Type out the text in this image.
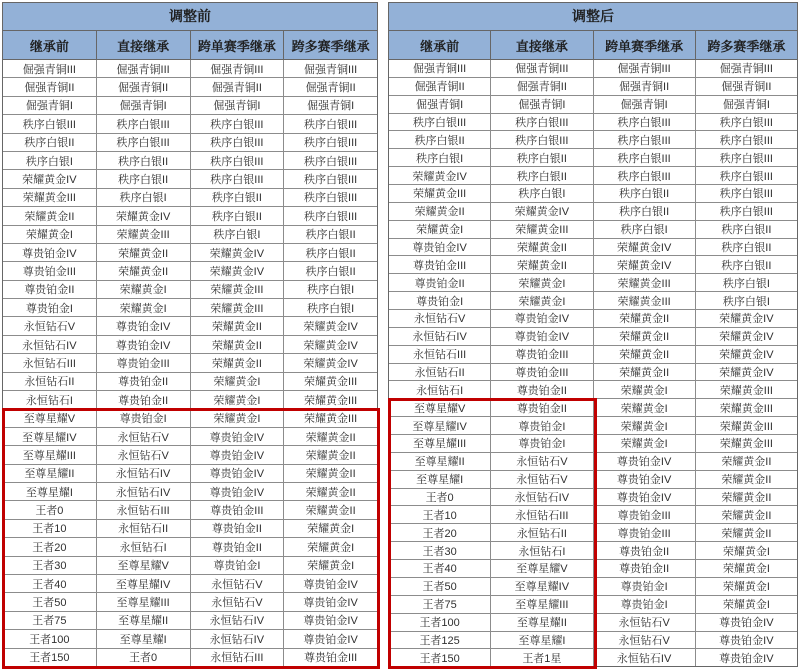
调整前
继承前	直接继承	跨单赛季继承	跨多赛季继承
倔强青铜III	倔强青铜III	倔强青铜III	倔强青铜III
倔强青铜II	倔强青铜II	倔强青铜II	倔强青铜II
倔强青铜I	倔强青铜I	倔强青铜I	倔强青铜I
秩序白银III	秩序白银III	秩序白银III	秩序白银III
秩序白银II	秩序白银III	秩序白银III	秩序白银III
秩序白银I	秩序白银II	秩序白银III	秩序白银III
荣耀黄金IV	秩序白银II	秩序白银III	秩序白银III
荣耀黄金III	秩序白银I	秩序白银II	秩序白银III
荣耀黄金II	荣耀黄金IV	秩序白银II	秩序白银III
荣耀黄金I	荣耀黄金III	秩序白银I	秩序白银II
尊贵铂金IV	荣耀黄金II	荣耀黄金IV	秩序白银II
尊贵铂金III	荣耀黄金II	荣耀黄金IV	秩序白银II
尊贵铂金II	荣耀黄金I	荣耀黄金III	秩序白银I
尊贵铂金I	荣耀黄金I	荣耀黄金III	秩序白银I
永恒钻石V	尊贵铂金IV	荣耀黄金II	荣耀黄金IV
永恒钻石IV	尊贵铂金IV	荣耀黄金II	荣耀黄金IV
永恒钻石III	尊贵铂金III	荣耀黄金II	荣耀黄金IV
永恒钻石II	尊贵铂金II	荣耀黄金I	荣耀黄金III
永恒钻石I	尊贵铂金II	荣耀黄金I	荣耀黄金III
至尊星耀V	尊贵铂金I	荣耀黄金I	荣耀黄金III
至尊星耀IV	永恒钻石V	尊贵铂金IV	荣耀黄金II
至尊星耀III	永恒钻石V	尊贵铂金IV	荣耀黄金II
至尊星耀II	永恒钻石IV	尊贵铂金IV	荣耀黄金II
至尊星耀I	永恒钻石IV	尊贵铂金IV	荣耀黄金II
王者0	永恒钻石III	尊贵铂金III	荣耀黄金II
王者10	永恒钻石II	尊贵铂金II	荣耀黄金I
王者20	永恒钻石I	尊贵铂金II	荣耀黄金I
王者30	至尊星耀V	尊贵铂金I	荣耀黄金I
王者40	至尊星耀IV	永恒钻石V	尊贵铂金IV
王者50	至尊星耀III	永恒钻石V	尊贵铂金IV
王者75	至尊星耀II	永恒钻石IV	尊贵铂金IV
王者100	至尊星耀I	永恒钻石IV	尊贵铂金IV
王者150	王者0	永恒钻石III	尊贵铂金III
调整后
继承前	直接继承	跨单赛季继承	跨多赛季继承
倔强青铜III	倔强青铜III	倔强青铜III	倔强青铜III
倔强青铜II	倔强青铜II	倔强青铜II	倔强青铜II
倔强青铜I	倔强青铜I	倔强青铜I	倔强青铜I
秩序白银III	秩序白银III	秩序白银III	秩序白银III
秩序白银II	秩序白银III	秩序白银III	秩序白银III
秩序白银I	秩序白银II	秩序白银III	秩序白银III
荣耀黄金IV	秩序白银II	秩序白银III	秩序白银III
荣耀黄金III	秩序白银I	秩序白银II	秩序白银III
荣耀黄金II	荣耀黄金IV	秩序白银II	秩序白银III
荣耀黄金I	荣耀黄金III	秩序白银I	秩序白银II
尊贵铂金IV	荣耀黄金II	荣耀黄金IV	秩序白银II
尊贵铂金III	荣耀黄金II	荣耀黄金IV	秩序白银II
尊贵铂金II	荣耀黄金I	荣耀黄金III	秩序白银I
尊贵铂金I	荣耀黄金I	荣耀黄金III	秩序白银I
永恒钻石V	尊贵铂金IV	荣耀黄金II	荣耀黄金IV
永恒钻石IV	尊贵铂金IV	荣耀黄金II	荣耀黄金IV
永恒钻石III	尊贵铂金III	荣耀黄金II	荣耀黄金IV
永恒钻石II	尊贵铂金III	荣耀黄金II	荣耀黄金IV
永恒钻石I	尊贵铂金II	荣耀黄金I	荣耀黄金III
至尊星耀V	尊贵铂金II	荣耀黄金I	荣耀黄金III
至尊星耀IV	尊贵铂金I	荣耀黄金I	荣耀黄金III
至尊星耀III	尊贵铂金I	荣耀黄金I	荣耀黄金III
至尊星耀II	永恒钻石V	尊贵铂金IV	荣耀黄金II
至尊星耀I	永恒钻石V	尊贵铂金IV	荣耀黄金II
王者0	永恒钻石IV	尊贵铂金IV	荣耀黄金II
王者10	永恒钻石III	尊贵铂金III	荣耀黄金II
王者20	永恒钻石II	尊贵铂金III	荣耀黄金II
王者30	永恒钻石I	尊贵铂金II	荣耀黄金I
王者40	至尊星耀V	尊贵铂金II	荣耀黄金I
王者50	至尊星耀IV	尊贵铂金I	荣耀黄金I
王者75	至尊星耀III	尊贵铂金I	荣耀黄金I
王者100	至尊星耀II	永恒钻石V	尊贵铂金IV
王者125	至尊星耀I	永恒钻石V	尊贵铂金IV
王者150	王者1星	永恒钻石IV	尊贵铂金IV
